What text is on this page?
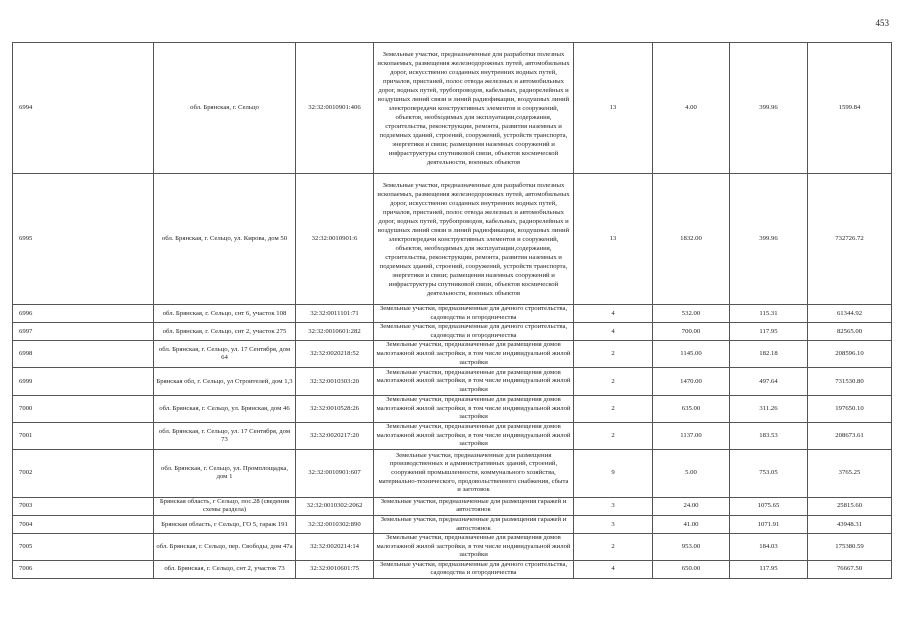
453
6994	обл. Брянская, г. Сельцо	32:32:0010901:406	Земельные участки, предназначенные для разработки полезных ископаемых, размещения железнодорожных путей, автомобильных дорог, искусственно созданных внутренних водных путей, причалов, пристаней, полос отвода железных и автомобильных дорог, водных путей, трубопроводов, кабельных, радиорелейных и воздушных линий связи и линий радиофикации, воздушных линий электропередачи конструктивных элементов и сооружений, объектов, необходимых для эксплуатации,содержания, строительства, реконструкции, ремонта, развития наземных и подземных зданий, строений, сооружений, устройств транспорта, энергетики и связи; размещения наземных сооружений и инфраструктуры спутниковой связи, объектов космической деятельности, военных объектов	13	4.00	399.96	1599.84
6995	обл. Брянская, г. Сельцо, ул. Кирова, дом 50	32:32:0010901:6	Земельные участки, предназначенные для разработки полезных ископаемых, размещения железнодорожных путей, автомобильных дорог, искусственно созданных внутренних водных путей, причалов, пристаней, полос отвода железных и автомобильных дорог, водных путей, трубопроводов, кабельных, радиорелейных и воздушных линий связи и линий радиофикации, воздушных линий электропередачи конструктивных элементов и сооружений, объектов, необходимых для эксплуатации,содержания, строительства, реконструкции, ремонта, развития наземных и подземных зданий, строений, сооружений, устройств транспорта, энергетики и связи; размещения наземных сооружений и инфраструктуры спутниковой связи, объектов космической деятельности, военных объектов	13	1832.00	399.96	732726.72
6996	обл. Брянская, г. Сельцо, снт 6, участок 108	32:32:0011101:71	Земельные участки, предназначенные для дачного строительства, садоводства и огородничества	4	532.00	115.31	61344.92
6997	обл. Брянская, г. Сельцо, снт 2, участок 275	32:32:0010601:282	Земельные участки, предназначенные для дачного строительства, садоводства и огородничества	4	700.00	117.95	82565.00
6998	обл. Брянская, г. Сельцо, ул. 17 Сентября, дом 64	32:32:0020218:52	Земельные участки, предназначенные для размещения домов малоэтажной жилой застройки, в том числе индивидуальной жилой застройки	2	1145.00	182.18	208596.10
6999	Брянская обл, г. Сельцо, ул Строителей, дом 1,3	32:32:0010303:20	Земельные участки, предназначенные для размещения домов малоэтажной жилой застройки, в том числе индивидуальной жилой застройки	2	1470.00	497.64	731530.80
7000	обл. Брянская, г. Сельцо, ул. Брянская, дом 46	32:32:0010528:26	Земельные участки, предназначенные для размещения домов малоэтажной жилой застройки, в том числе индивидуальной жилой застройки	2	635.00	311.26	197650.10
7001	обл. Брянская, г. Сельцо, ул. 17 Сентября, дом 73	32:32:0020217:20	Земельные участки, предназначенные для размещения домов малоэтажной жилой застройки, в том числе индивидуальной жилой застройки	2	1137.00	183.53	208673.61
7002	обл. Брянская, г. Сельцо, ул. Промплощадка, дом 1	32:32:0010901:607	Земельные участки, предназначенные для размещения производственных и административных зданий, строений, сооружений промышленности, коммунального хозяйства, материально-технического, продовольственного снабжения, сбыта и заготовок	9	5.00	753.05	3765.25
7003	Брянская область, г Сельцо, пос.28 (сведения схемы раздела)	32:32:0010302:2062	Земельные участки, предназначенные для размещения гаражей и автостоянок	3	24.00	1075.65	25815.60
7004	Брянская область, г Сельцо, ГО 5, гараж 191	32:32:0010302:890	Земельные участки, предназначенные для размещения гаражей и автостоянок	3	41.00	1071.91	43948.31
7005	обл. Брянская, г. Сельцо, пер. Свободы, дом 47а	32:32:0020214:14	Земельные участки, предназначенные для размещения домов малоэтажной жилой застройки, в том числе индивидуальной жилой застройки	2	953.00	184.03	175380.59
7006	обл. Брянская, г. Сельцо, снт 2, участок 73	32:32:0010601:75	Земельные участки, предназначенные для дачного строительства, садоводства и огородничества	4	650.00	117.95	76667.50
